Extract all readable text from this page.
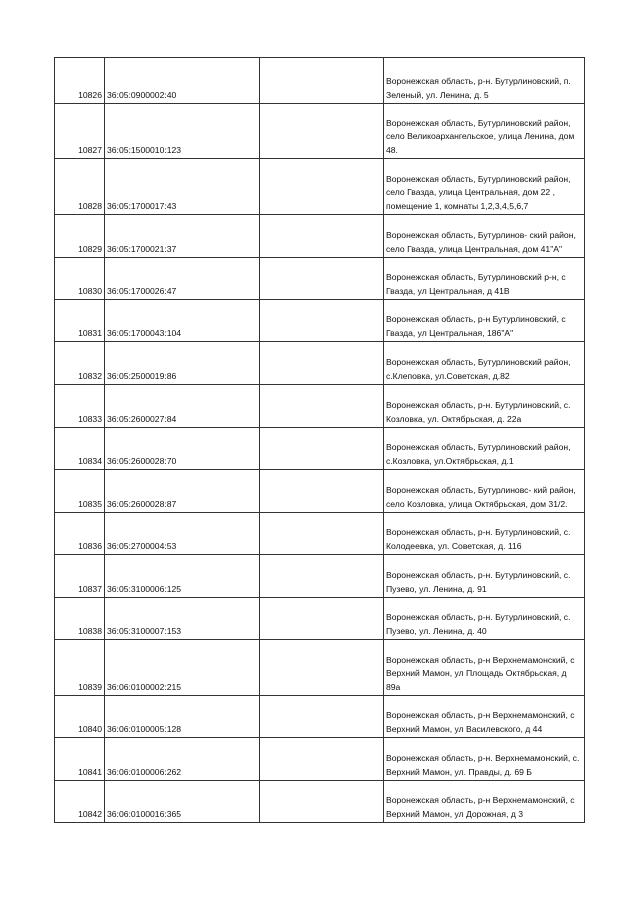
10826	36:05:0900002:40		Воронежская область, р-н. Бутурлиновский, п. Зеленый, ул. Ленина, д. 5
10827	36:05:1500010:123		Воронежская область, Бутурлиновский район, село Великоархангельское, улица Ленина, дом 48.
10828	36:05:1700017:43		Воронежская область, Бутурлиновский район, село Гвазда, улица Центральная, дом 22 , помещение 1, комнаты 1,2,3,4,5,6,7
10829	36:05:1700021:37		Воронежская область, Бутурлинов- ский район, село Гвазда, улица Центральная, дом 41"А"
10830	36:05:1700026:47		Воронежская область, Бутурлиновский р-н, с Гвазда, ул Центральная, д 41В
10831	36:05:1700043:104		Воронежская область, р-н Бутурлиновский, с Гвазда, ул Центральная, 186"А"
10832	36:05:2500019:86		Воронежская область, Бутурлиновский район, с.Клеповка, ул.Советская, д.82
10833	36:05:2600027:84		Воронежская область, р-н. Бутурлиновский, с. Козловка, ул. Октябрьская, д. 22а
10834	36:05:2600028:70		Воронежская область, Бутурлиновский район, с.Козловка, ул.Октябрьская, д.1
10835	36:05:2600028:87		Воронежская область, Бутурлиновс- кий район, село Козловка, улица Октябрьская, дом 31/2.
10836	36:05:2700004:53		Воронежская область, р-н. Бутурлиновский, с. Колодеевка, ул. Советская, д. 116
10837	36:05:3100006:125		Воронежская область, р-н. Бутурлиновский, с. Пузево, ул. Ленина, д. 91
10838	36:05:3100007:153		Воронежская область, р-н. Бутурлиновский, с. Пузево, ул. Ленина, д. 40
10839	36:06:0100002:215		Воронежская область, р-н Верхнемамонский, с Верхний Мамон, ул Площадь Октябрьская, д 89а
10840	36:06:0100005:128		Воронежская область, р-н Верхнемамонский, с Верхний Мамон, ул Василевского, д 44
10841	36:06:0100006:262		Воронежская область, р-н. Верхнемамонский, с. Верхний Мамон, ул. Правды, д. 69 Б
10842	36:06:0100016:365		Воронежская область, р-н Верхнемамонский, с Верхний Мамон, ул Дорожная, д 3
